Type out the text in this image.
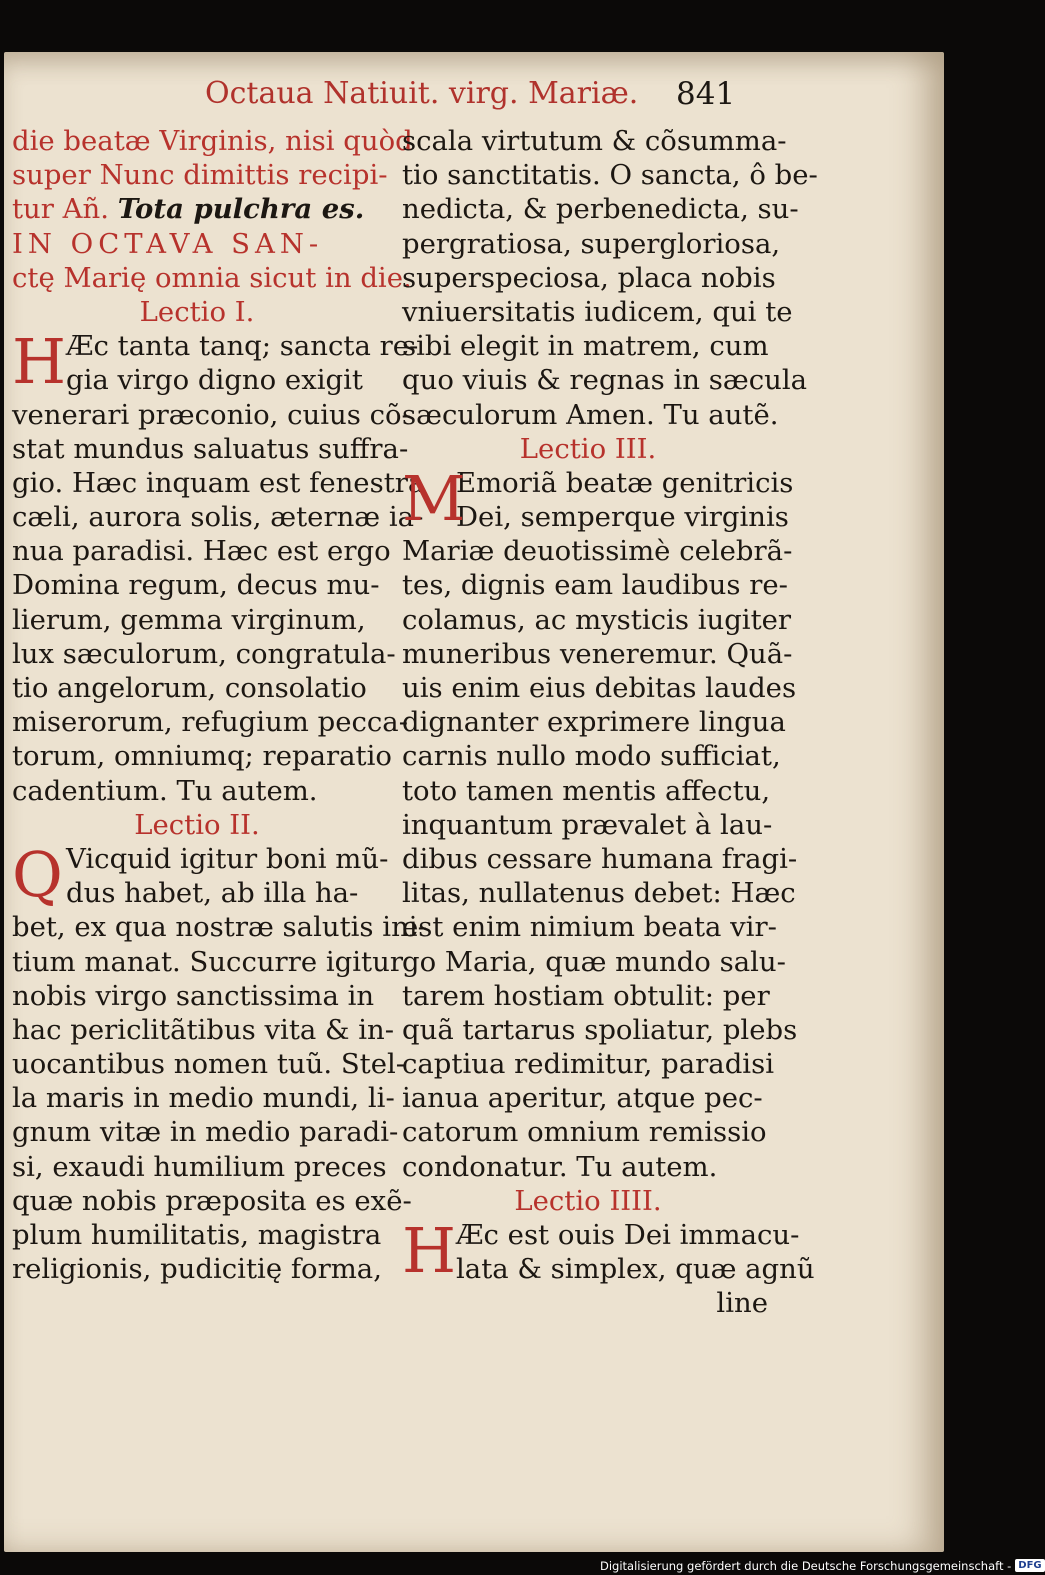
Octaua Natiuit. virg. Mariæ. 841
die beatæ Virginis, nisi quòd
super Nunc dimittis recipi-
tur Añ. Tota pulchra es.
IN OCTAVA SAN-
ctę Marię omnia sicut in die.
Lectio I.
H Æc tanta tanq; sancta re-
gia virgo digno exigit
venerari præconio, cuius cõ-
stat mundus saluatus suffra-
gio. Hæc inquam est fenestra
cæli, aurora solis, æternæ ia-
nua paradisi. Hæc est ergo
Domina regum, decus mu-
lierum, gemma virginum,
lux sæculorum, congratula-
tio angelorum, consolatio
miserorum, refugium pecca-
torum, omniumq; reparatio
cadentium. Tu autem.
Lectio II.
Q Vicquid igitur boni mũ-
dus habet, ab illa ha-
bet, ex qua nostræ salutis ini-
tium manat. Succurre igitur
nobis virgo sanctissima in
hac periclitãtibus vita & in-
uocantibus nomen tuũ. Stel-
la maris in medio mundi, li-
gnum vitæ in medio paradi-
si, exaudi humilium preces
quæ nobis præposita es exẽ-
plum humilitatis, magistra
religionis, pudicitię forma,
scala virtutum & cõsumma-
tio sanctitatis. O sancta, ô be-
nedicta, & perbenedicta, su-
pergratiosa, supergloriosa,
superspeciosa, placa nobis
vniuersitatis iudicem, qui te
sibi elegit in matrem, cum
quo viuis & regnas in sæcula
sæculorum Amen. Tu autẽ.
Lectio III.
M
Emoriã beatæ genitricis
Dei, semperque virginis
Mariæ deuotissimè celebrã-
tes, dignis eam laudibus re-
colamus, ac mysticis iugiter
muneribus veneremur. Quã-
uis enim eius debitas laudes
dignanter exprimere lingua
carnis nullo modo sufficiat,
toto tamen mentis affectu,
inquantum prævalet à lau-
dibus cessare humana fragi-
litas, nullatenus debet: Hæc
est enim nimium beata vir-
go Maria, quæ mundo salu-
tarem hostiam obtulit: per
quã tartarus spoliatur, plebs
captiua redimitur, paradisi
ianua aperitur, atque pec-
catorum omnium remissio
condonatur. Tu autem.
Lectio IIII.
H Æc est ouis Dei immacu-
lata & simplex, quæ agnũ
line
Digitalisierung gefördert durch die Deutsche Forschungsgemeinschaft - DFG
